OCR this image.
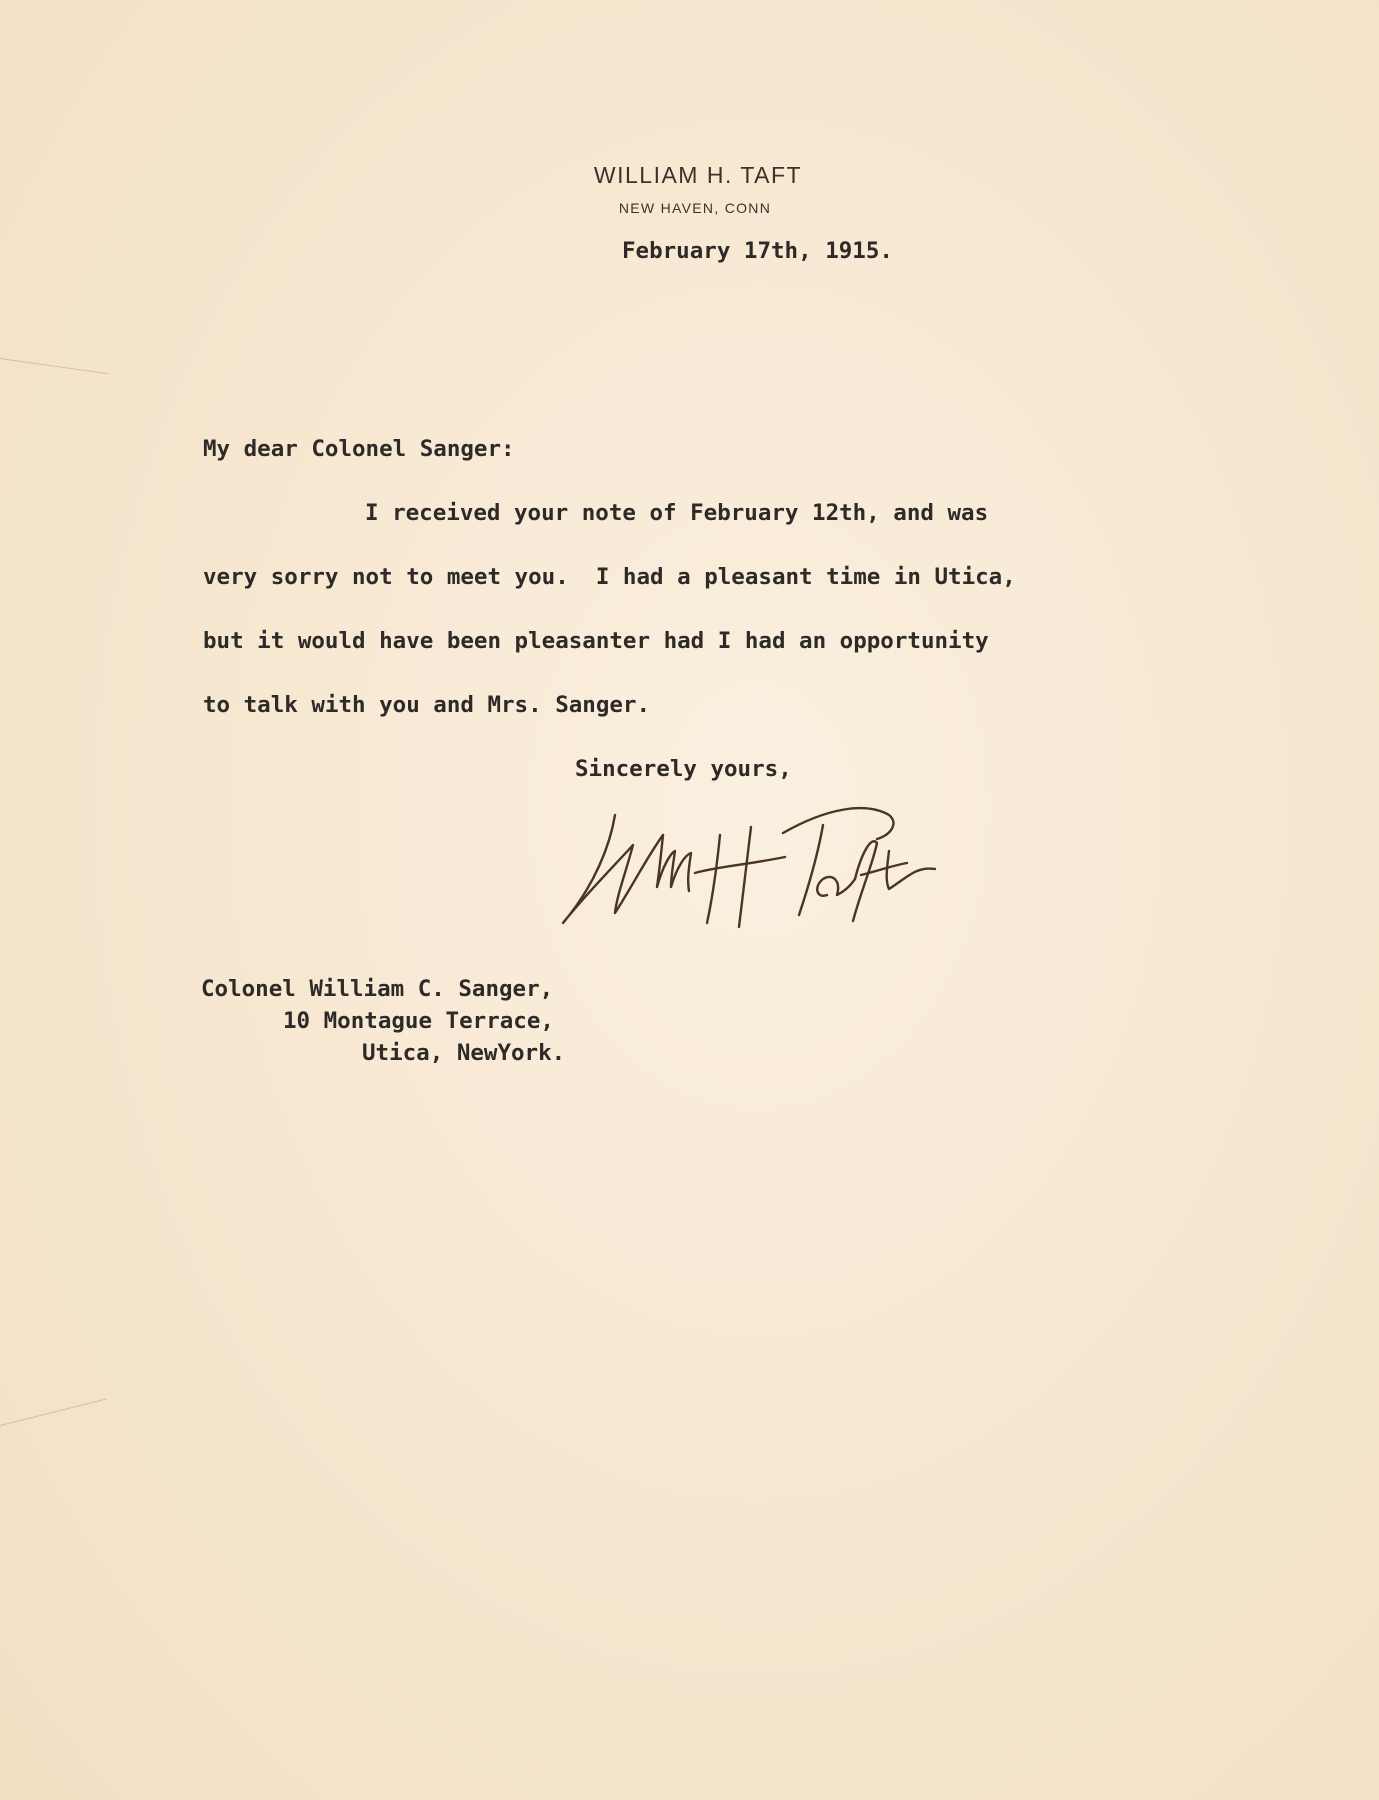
WILLIAM H. TAFT
NEW HAVEN, CONN
February 17th, 1915.
My dear Colonel Sanger:
I received your note of February 12th, and was
very sorry not to meet you.  I had a pleasant time in Utica,
but it would have been pleasanter had I had an opportunity
to talk with you and Mrs. Sanger.
Sincerely yours,
Colonel William C. Sanger,
10 Montague Terrace,
Utica, NewYork.
